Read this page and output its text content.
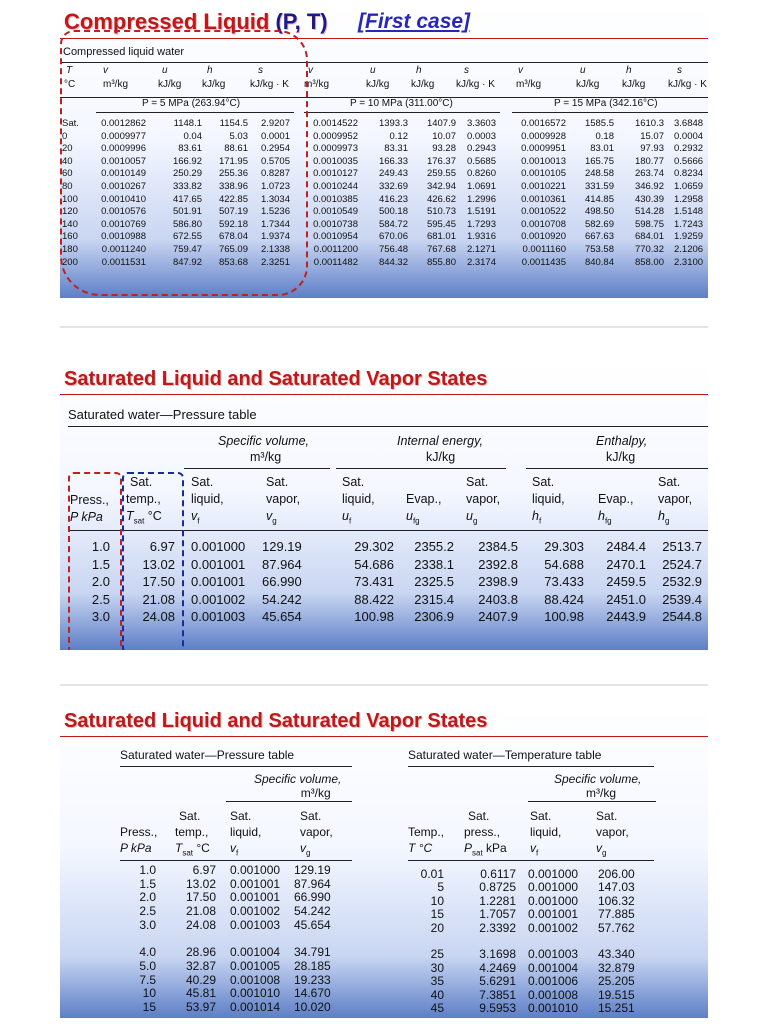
Compressed Liquid (P, T) [First case]
Compressed liquid water
T
°C
v
m³/kg
u
kJ/kg
h
kJ/kg
s
kJ/kg · K
v
m³/kg
u
kJ/kg
h
kJ/kg
s
kJ/kg · K
v
m³/kg
u
kJ/kg
h
kJ/kg
s
kJ/kg · K
P = 5 MPa (263.94°C)	P = 10 MPa (311.00°C)	P = 15 MPa (342.16°C)
Sat.
0
20
40
60
80
100
120
140
160
180
200
0.0012862
0.0009977
0.0009996
0.0010057
0.0010149
0.0010267
0.0010410
0.0010576
0.0010769
0.0010988
0.0011240
0.0011531
1148.1
0.04
83.61
166.92
250.29
333.82
417.65
501.91
586.80
672.55
759.47
847.92
1154.5
5.03
88.61
171.95
255.36
338.96
422.85
507.19
592.18
678.04
765.09
853.68
2.9207
0.0001
0.2954
0.5705
0.8287
1.0723
1.3034
1.5236
1.7344
1.9374
2.1338
2.3251
0.0014522
0.0009952
0.0009973
0.0010035
0.0010127
0.0010244
0.0010385
0.0010549
0.0010738
0.0010954
0.0011200
0.0011482
1393.3
0.12
83.31
166.33
249.43
332.69
416.23
500.18
584.72
670.06
756.48
844.32
1407.9
10.07
93.28
176.37
259.55
342.94
426.62
510.73
595.45
681.01
767.68
855.80
3.3603
0.0003
0.2943
0.5685
0.8260
1.0691
1.2996
1.5191
1.7293
1.9316
2.1271
2.3174
0.0016572
0.0009928
0.0009951
0.0010013
0.0010105
0.0010221
0.0010361
0.0010522
0.0010708
0.0010920
0.0011160
0.0011435
1585.5
0.18
83.01
165.75
248.58
331.59
414.85
498.50
582.69
667.63
753.58
840.84
1610.3
15.07
97.93
180.77
263.74
346.92
430.39
514.28
598.75
684.01
770.32
858.00
3.6848
0.0004
0.2932
0.5666
0.8234
1.0659
1.2958
1.5148
1.7243
1.9259
2.1206
2.3100
Saturated Liquid and Saturated Vapor States
Saturated water—Pressure table
Specific volume,
m³/kg
Internal energy,
kJ/kg
Enthalpy,
kJ/kg
Press.,
P kPa
Sat.
temp.,
$T_{sat}$ °C
Sat.
liquid,
$v_f$
Sat.
vapor,
$v_g$
Sat.
liquid,
$u_f$
Evap.,
$u_{fg}$
Sat.
vapor,
$u_g$
Sat.
liquid,
$h_f$
Evap.,
$h_{fg}$
Sat.
vapor,
$h_g$
1.0
1.5
2.0
2.5
3.0
6.97
13.02
17.50
21.08
24.08
0.001000
0.001001
0.001001
0.001002
0.001003
129.19
87.964
66.990
54.242
45.654
29.302
54.686
73.431
88.422
100.98
2355.2
2338.1
2325.5
2315.4
2306.9
2384.5
2392.8
2398.9
2403.8
2407.9
29.303
54.688
73.433
88.424
100.98
2484.4
2470.1
2459.5
2451.0
2443.9
2513.7
2524.7
2532.9
2539.4
2544.8
Saturated Liquid and Saturated Vapor States
Saturated water—Pressure table
Specific volume,
m³/kg
Press.,
P kPa
Sat.
temp.,
$T_{sat}$ °C
Sat.
liquid,
$v_f$
Sat.
vapor,
$v_g$
1.0
1.5
2.0
2.5
3.0

4.0
5.0
7.5
10
15
6.97
13.02
17.50
21.08
24.08

28.96
32.87
40.29
45.81
53.97
0.001000
0.001001
0.001001
0.001002
0.001003

0.001004
0.001005
0.001008
0.001010
0.001014
129.19
87.964
66.990
54.242
45.654

34.791
28.185
19.233
14.670
10.020
Saturated water—Temperature table
Specific volume,
m³/kg
Temp.,
T °C
Sat.
press.,
$P_{sat}$ kPa
Sat.
liquid,
$v_f$
Sat.
vapor,
$v_g$
0.01
5
10
15
20

25
30
35
40
45
0.6117
0.8725
1.2281
1.7057
2.3392

3.1698
4.2469
5.6291
7.3851
9.5953
0.001000
0.001000
0.001000
0.001001
0.001002

0.001003
0.001004
0.001006
0.001008
0.001010
206.00
147.03
106.32
77.885
57.762

43.340
32.879
25.205
19.515
15.251
